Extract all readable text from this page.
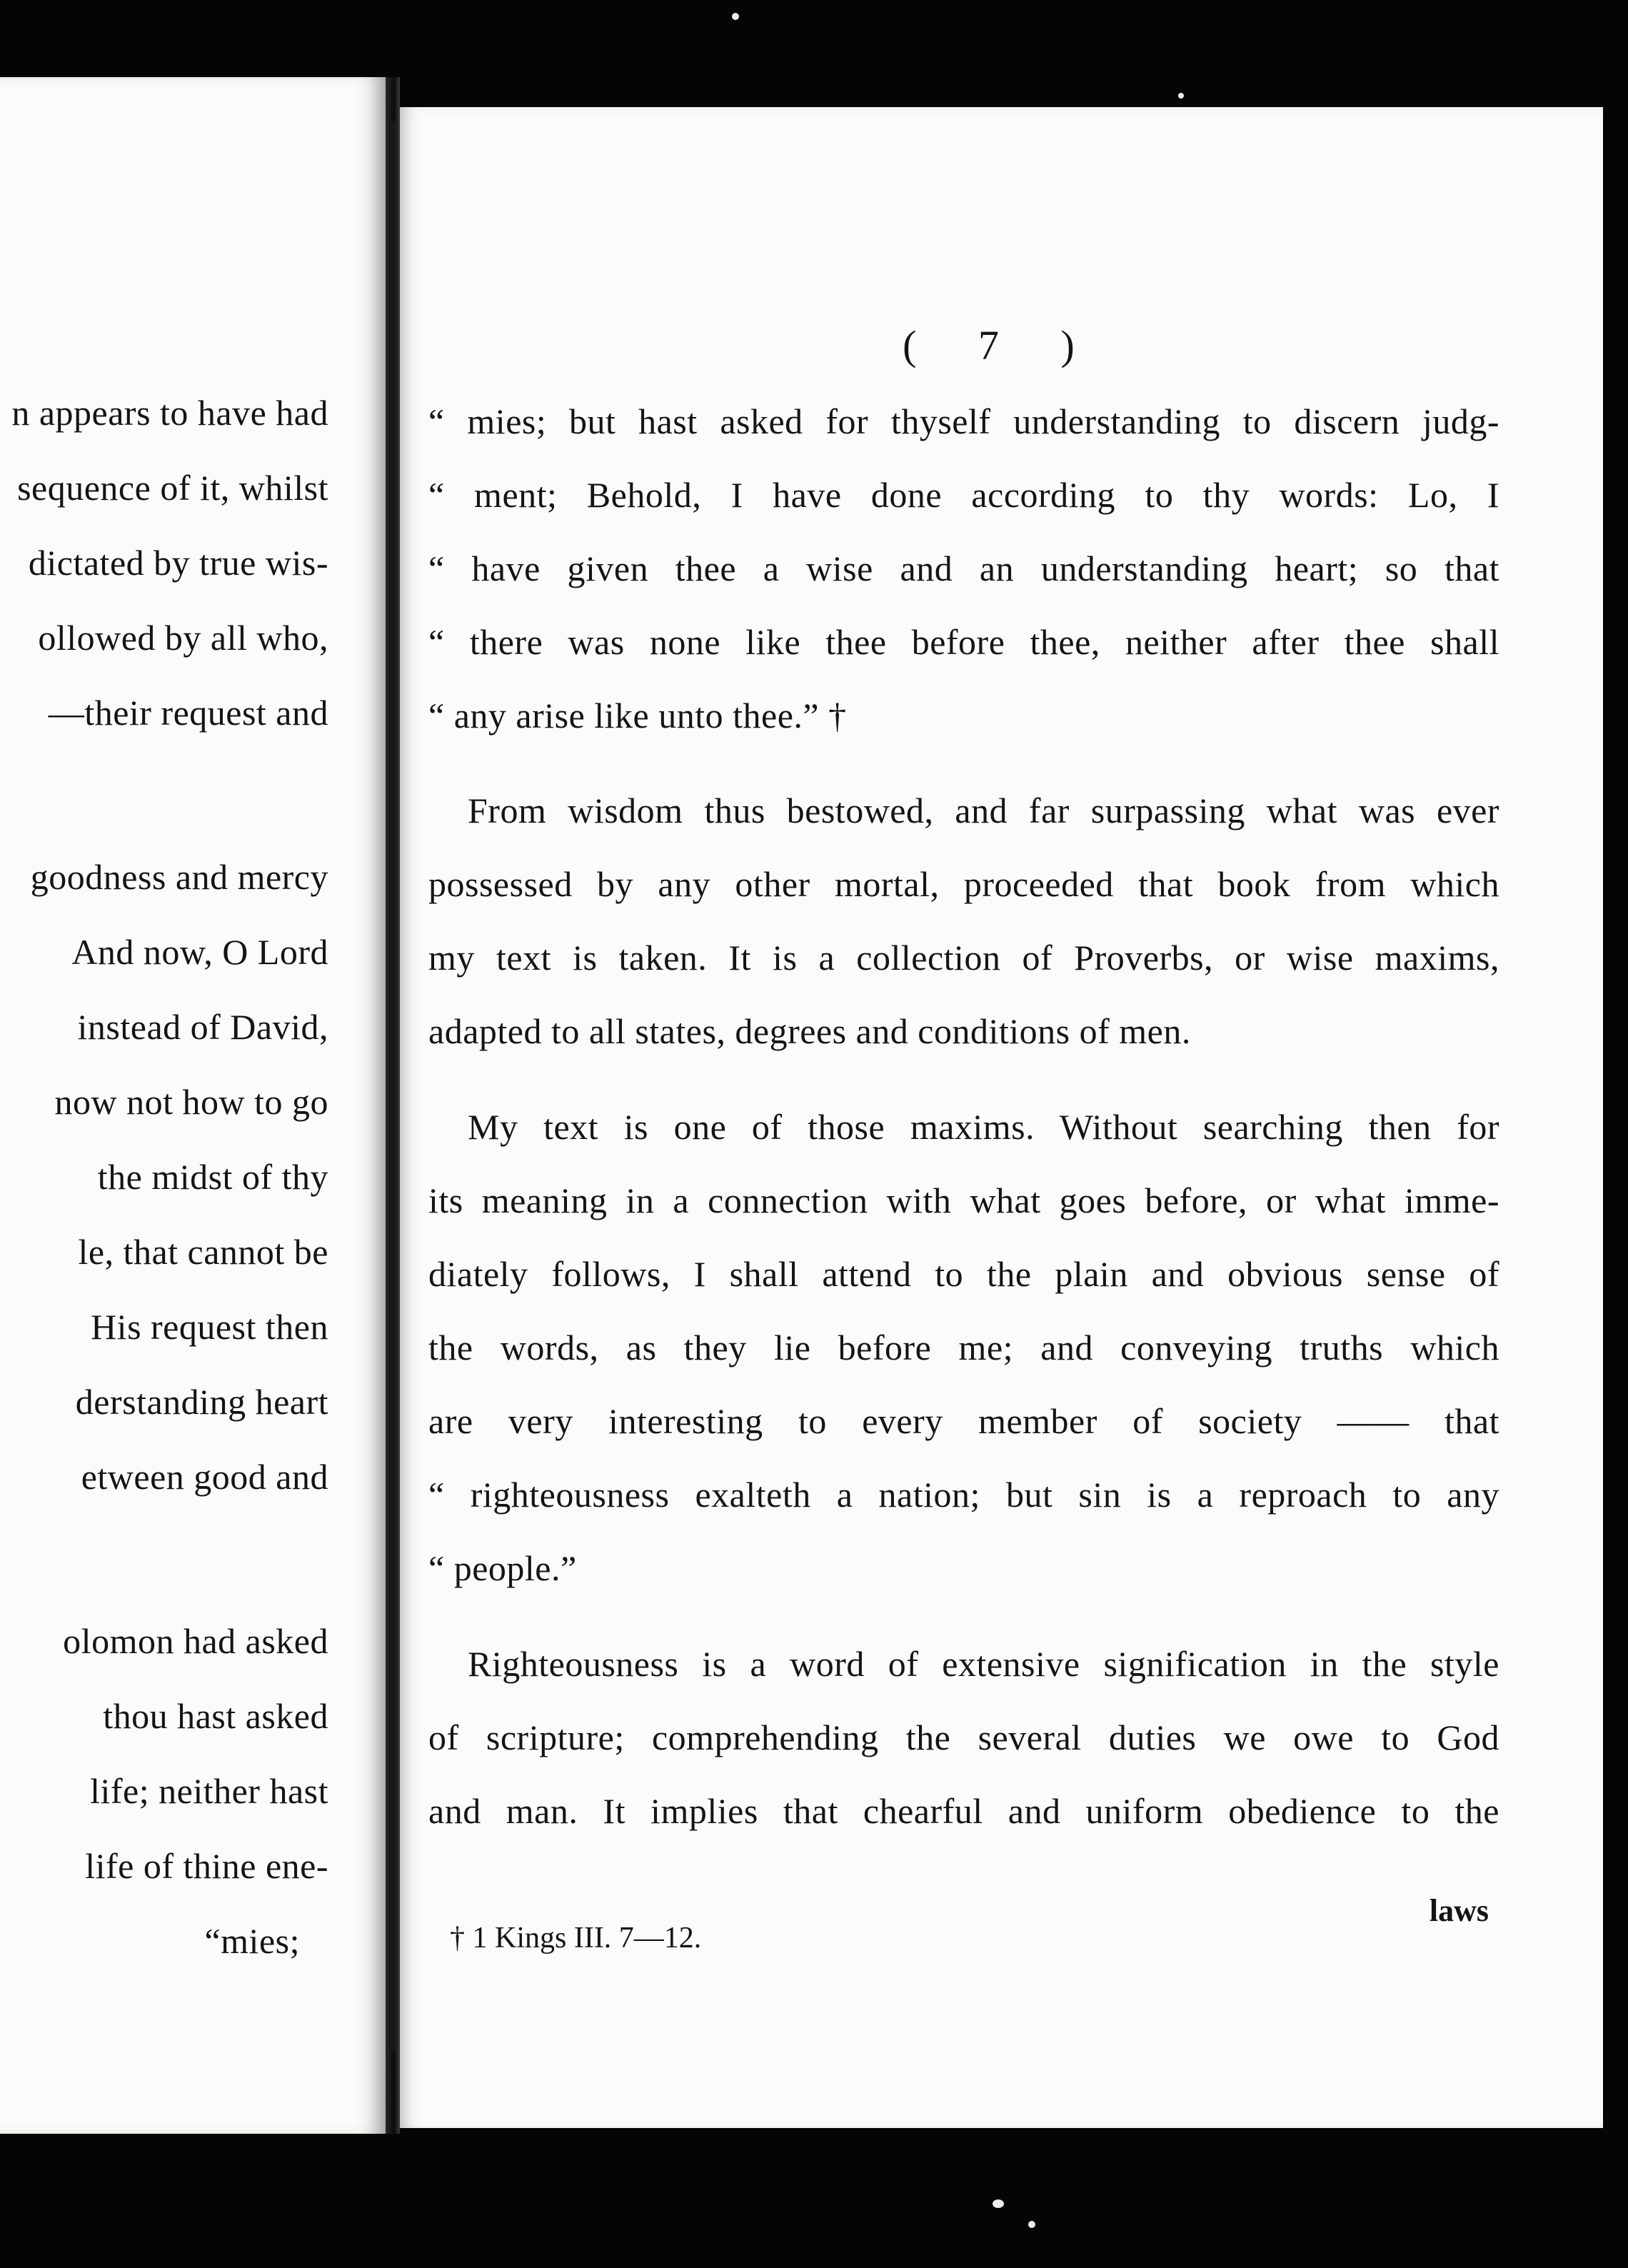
n appears to have had
sequence of it, whilst
dictated by true wis-
ollowed by all who,
—their request and
goodness and mercy
And now, O Lord
instead of David,
now not how to go
the midst of thy
le, that cannot be
His request then
derstanding heart
etween good and
olomon had asked
thou hast asked
life; neither hast
life of thine ene-
“mies;
( 7 )
“ mies; but hast asked for thyself understanding to discern judg-
“ ment; Behold, I have done according to thy words: Lo, I
“ have given thee a wise and an understanding heart; so that
“ there was none like thee before thee, neither after thee shall
“ any arise like unto thee.” †
From wisdom thus bestowed, and far surpassing what was ever
possessed by any other mortal, proceeded that book from which
my text is taken. It is a collection of Proverbs, or wise maxims,
adapted to all states, degrees and conditions of men.
My text is one of those maxims. Without searching then for
its meaning in a connection with what goes before, or what imme-
diately follows, I shall attend to the plain and obvious sense of
the words, as they lie before me; and conveying truths which
are very interesting to every member of society —— that
“ righteousness exalteth a nation; but sin is a reproach to any
“ people.”
Righteousness is a word of extensive signification in the style
of scripture; comprehending the several duties we owe to God
and man. It implies that chearful and uniform obedience to the
laws
† 1 Kings III. 7—12.
